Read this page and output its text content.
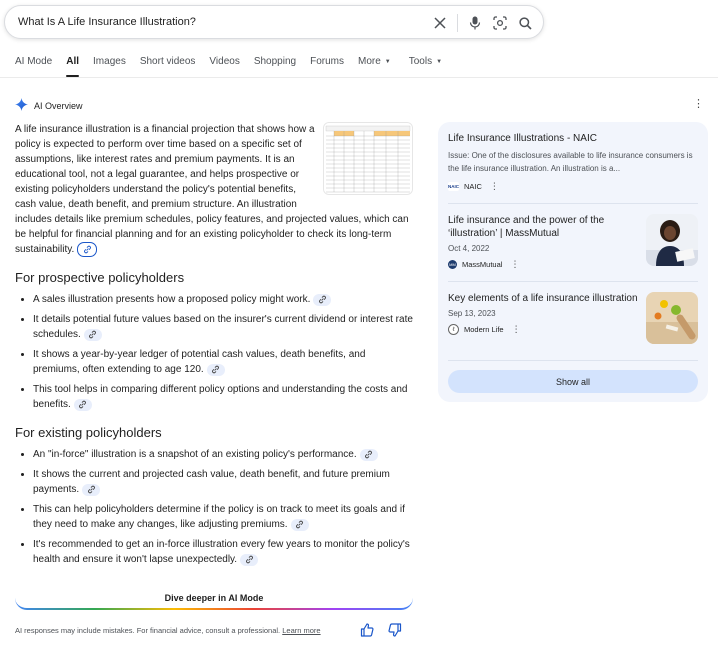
What Is A Life Insurance Illustration?
AI Mode All Images Short videos Videos Shopping Forums More ▼ Tools ▼
AI Overview	⋮
A life insurance illustration is a financial projection that shows how a policy is expected to perform over time based on a specific set of assumptions, like interest rates and premium payments. It is an educational tool, not a legal guarantee, and helps prospective or existing policyholders understand the policy's potential benefits, cash value, death benefit, and premium structure. An illustration includes details like premium schedules, policy features, and projected values, which can be helpful for financial planning and for an existing policyholder to check its long-term sustainability.
For prospective policyholders
• A sales illustration presents how a proposed policy might work.
• It details potential future values based on the insurer's current dividend or interest rate schedules.
• It shows a year-by-year ledger of potential cash values, death benefits, and premiums, often extending to age 120.
• This tool helps in comparing different policy options and understanding the costs and benefits.
For existing policyholders
• An "in-force" illustration is a snapshot of an existing policy's performance.
• It shows the current and projected cash value, death benefit, and future premium payments.
• This can help policyholders determine if the policy is on track to meet its goals and if they need to make any changes, like adjusting premiums.
• It's recommended to get an in-force illustration every few years to monitor the policy's health and ensure it won't lapse unexpectedly.
Dive deeper in AI Mode
AI responses may include mistakes. For financial advice, consult a professional. Learn more
Life Insurance Illustrations - NAIC
Issue: One of the disclosures available to life insurance consumers is the life insurance illustration. An illustration is a...
NAIC NAIC ⋮
Life insurance and the power of the ‘illustration’ | MassMutual
Oct 4, 2022
MM MassMutual ⋮
Key elements of a life insurance illustration
Sep 13, 2023
ℓ	Modern Life ⋮
Show all
